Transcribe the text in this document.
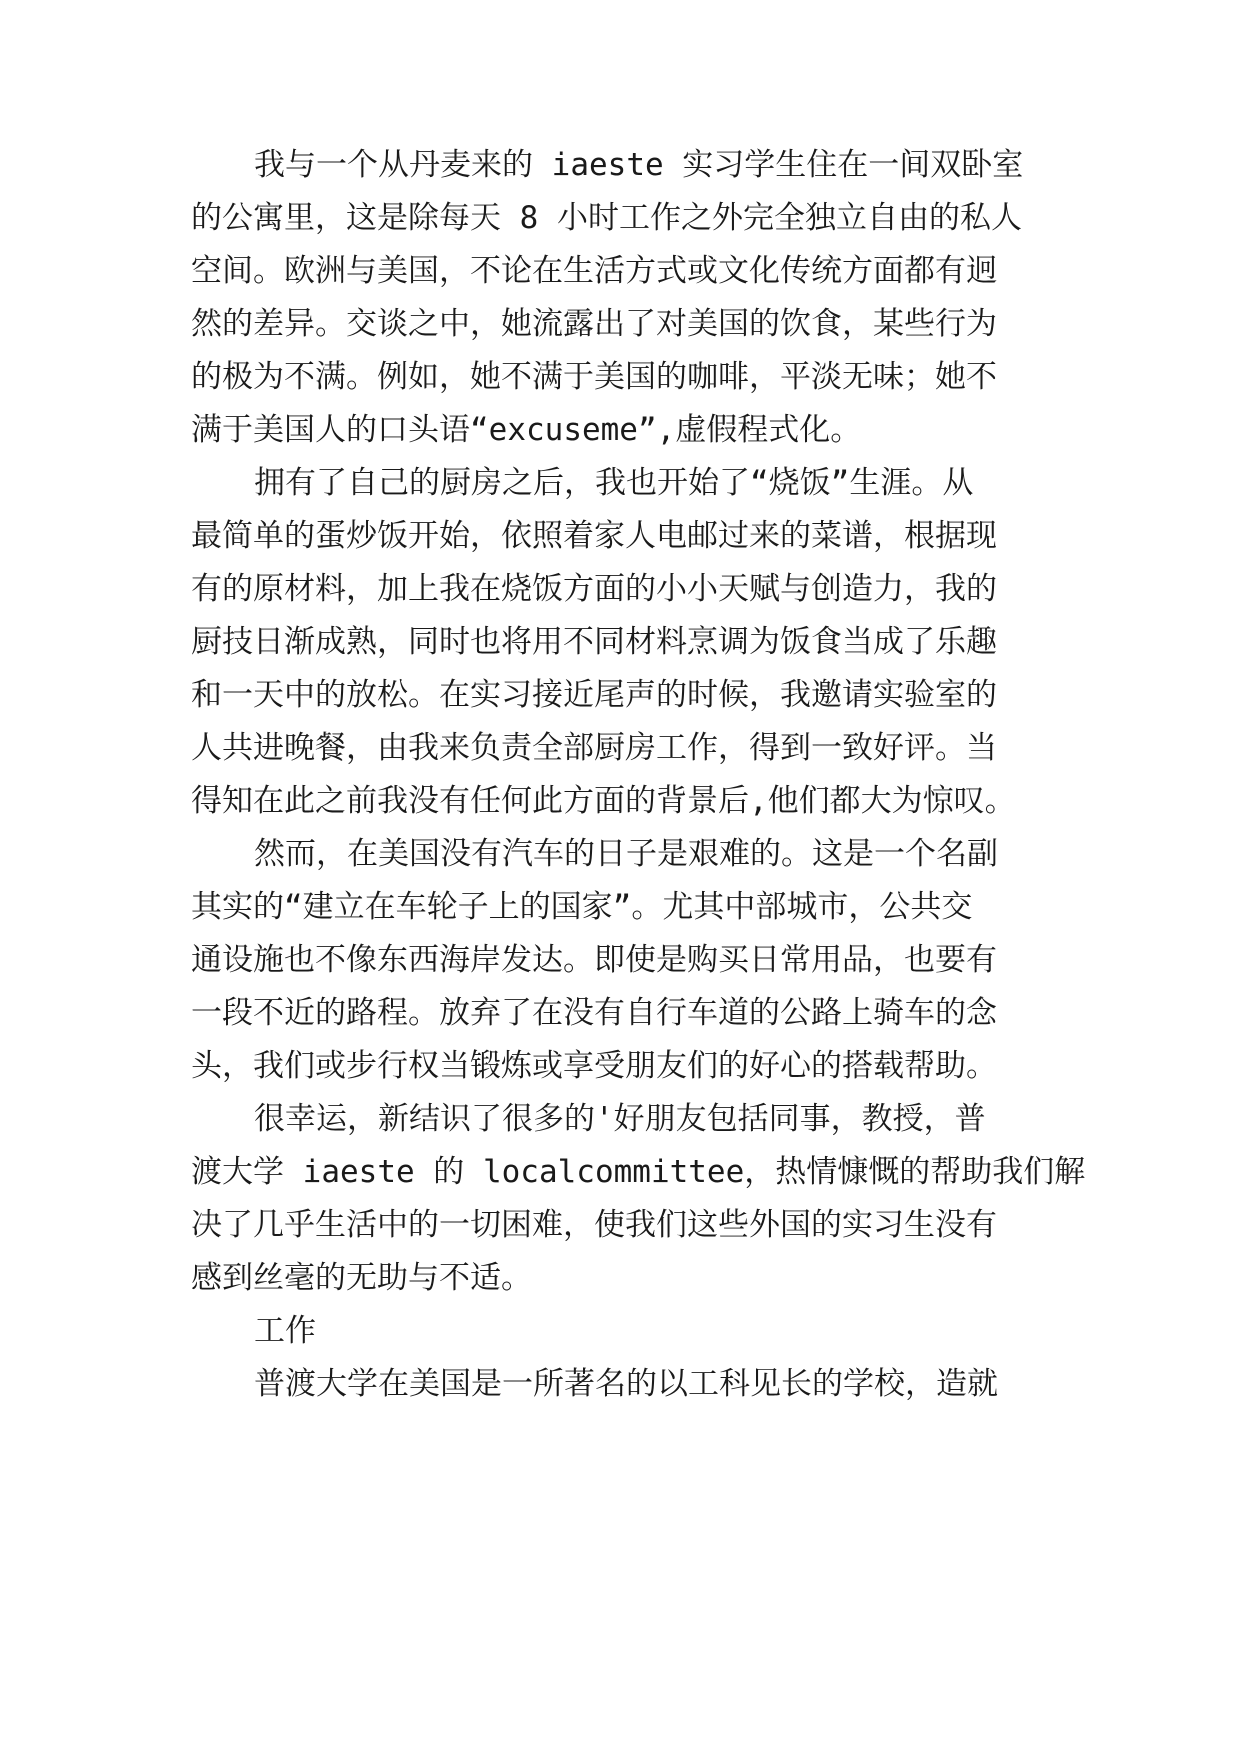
我与一个从丹麦来的 iaeste 实习学生住在一间双卧室
的公寓里，这是除每天 8 小时工作之外完全独立自由的私人
空间。欧洲与美国，不论在生活方式或文化传统方面都有迥
然的差异。交谈之中，她流露出了对美国的饮食，某些行为
的极为不满。例如，她不满于美国的咖啡，平淡无味；她不
满于美国人的口头语“excuseme”,虚假程式化。
拥有了自己的厨房之后，我也开始了“烧饭”生涯。从
最简单的蛋炒饭开始，依照着家人电邮过来的菜谱，根据现
有的原材料，加上我在烧饭方面的小小天赋与创造力，我的
厨技日渐成熟，同时也将用不同材料烹调为饭食当成了乐趣
和一天中的放松。在实习接近尾声的时候，我邀请实验室的
人共进晚餐，由我来负责全部厨房工作，得到一致好评。当
得知在此之前我没有任何此方面的背景后,他们都大为惊叹。
然而，在美国没有汽车的日子是艰难的。这是一个名副
其实的“建立在车轮子上的国家”。尤其中部城市，公共交
通设施也不像东西海岸发达。即使是购买日常用品，也要有
一段不近的路程。放弃了在没有自行车道的公路上骑车的念
头，我们或步行权当锻炼或享受朋友们的好心的搭载帮助。
很幸运，新结识了很多的'好朋友包括同事，教授，普
渡大学 iaeste 的 localcommittee，热情慷慨的帮助我们解
决了几乎生活中的一切困难，使我们这些外国的实习生没有
感到丝毫的无助与不适。
工作
普渡大学在美国是一所著名的以工科见长的学校，造就
